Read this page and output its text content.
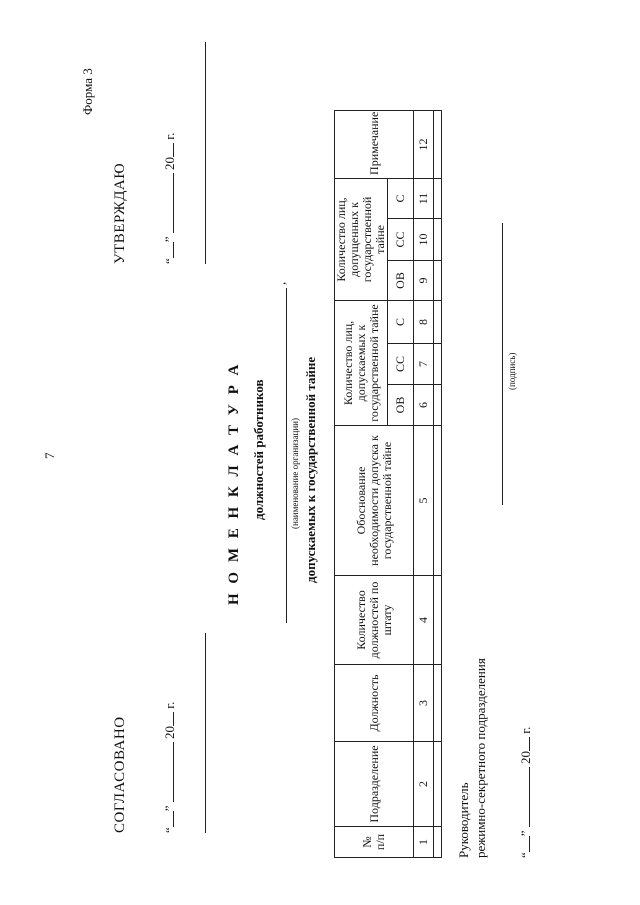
Форма 3
7
СОГЛАСОВАНО	“”  20 г.
УТВЕРЖДАЮ	“”  20 г.
Н О М Е Н К Л А Т У Р А должностей работников
,
(наименование организации) допускаемых к государственной тайне
№ п/п	Подразделение	Должность	Количество должностей по штату	Обоснование необходимости допуска к государственной тайне	Количество лиц, допускаемых к государственной тайне			Количество лиц, допущенных к государственной тайне			Примечание	
					ОВ	СС	С	ОВ	СС	С		
1	2	3	4	5	6	7	8	9	10	11	12	

Руководитель режимно-секретного подразделения
(подпись)
“”  20 г.
